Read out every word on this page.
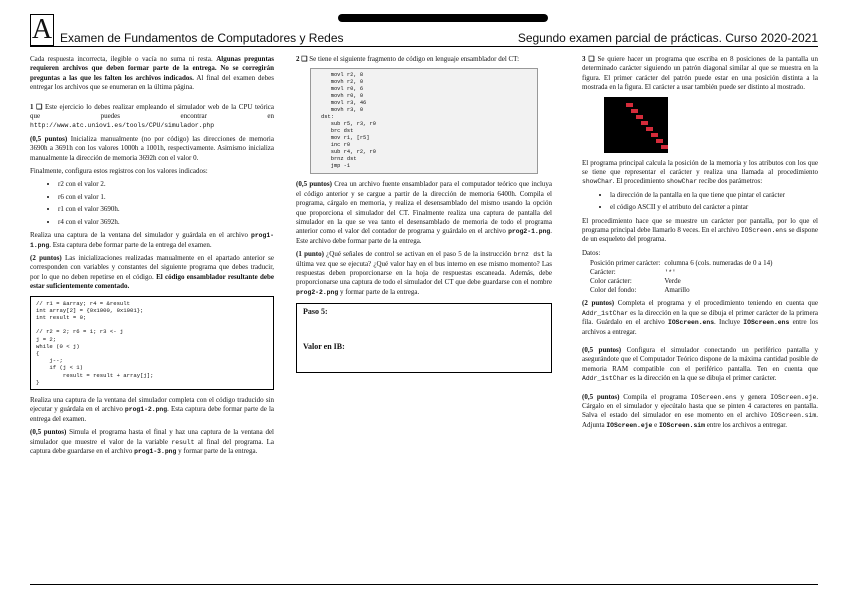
A Examen de Fundamentos de Computadores y Redes	Segundo examen parcial de prácticas. Curso 2020-2021

Cada respuesta incorrecta, ilegible o vacía no suma ni resta. Algunas preguntas requieren archivos que deben formar parte de la entrega. No se corregirán preguntas a las que les falten los archivos indicados. Al final del examen debes entregar los archivos que se enumeran en la última página.

1 ❑ Este ejercicio lo debes realizar empleando el simulador web de la CPU teórica que puedes encontrar en http://www.atc.uniovi.es/tools/CPU/simulador.php

(0,5 puntos) Inicializa manualmente (no por código) las direcciones de memoria 3690h a 3691h con los valores 1000h a 1001h, respectivamente. Asimismo inicializa manualmente la dirección de memoria 3692h con el valor 0.

Finalmente, configura estos registros con los valores indicados:

• r2 con el valor 2.
• r6 con el valor 1.
• r1 con el valor 3690h.
• r4 con el valor 3692h.

Realiza una captura de la ventana del simulador y guárdala en el archivo prog1-1.png. Esta captura debe formar parte de la entrega del examen.

(2 puntos) Las inicializaciones realizadas manualmente en el apartado anterior se corresponden con variables y constantes del siguiente programa que debes traducir, por lo que no deben repetirse en el código. El código ensamblador resultante debe estar suficientemente comentado.

// r1 = &array; r4 = &result
int array[2] = {0x1000, 0x1001};
int result = 0;

// r2 = 2; r6 = 1; r3 <- j
j = 2;
while (0 < j)
{
j--;
if (j < 1)
result = result + array[j];
}

Realiza una captura de la ventana del simulador completa con el código traducido sin ejecutar y guárdala en el archivo prog1-2.png. Esta captura debe formar parte de la entrega del examen.

(0,5 puntos) Simula el programa hasta el final y haz una captura de la ventana del simulador que muestre el valor de la variable result al final del programa. La captura debe guardarse en el archivo prog1-3.png y formar parte de la entrega.

2 ❑ Se tiene el siguiente fragmento de código en lenguaje ensamblador del CT:

movl r2, 8
movh r2, 0
movl r0, 6
movh r0, 0
movl r3, 46
movh r3, 0
dst:
sub r5, r3, r0
brc dst
mov r1, [r5]
inc r0
sub r4, r2, r0
brnz dst
jmp -1

(0,5 puntos) Crea un archivo fuente ensamblador para el computador teórico que incluya el código anterior y se cargue a partir de la dirección de memoria 6400h. Compila el programa, cárgalo en memoria, y realiza el desensamblado del mismo usando la opción que proporciona el simulador del CT. Finalmente realiza una captura de pantalla del simulador en la que se vea tanto el desensamblado de memoria de todo el programa anterior como el valor del contador de programa y guárdalo en el archivo prog2-1.png. Este archivo debe formar parte de la entrega.

(1 punto) ¿Qué señales de control se activan en el paso 5 de la instrucción brnz dst la última vez que se ejecuta? ¿Qué valor hay en el bus interno en ese mismo momento? Las respuestas deben proporcionarse en la hoja de respuestas escaneada. Además, debe proporcionarse una captura de todo el simulador del CT que debe guardarse con el nombre prog2-2.png y formar parte de la entrega.

Paso 5:
Valor en IB:

3 ❑ Se quiere hacer un programa que escriba en 8 posiciones de la pantalla un determinado carácter siguiendo un patrón diagonal similar al que se muestra en la figura. El primer carácter del patrón puede estar en una posición distinta a la mostrada en la figura. El carácter a usar también puede ser distinto al mostrado.

El programa principal calcula la posición de la memoria y los atributos con los que se tiene que representar el carácter y realiza una llamada al procedimiento showChar. El procedimiento showChar recibe dos parámetros:

• la dirección de la pantalla en la que tiene que pintar el carácter
• el código ASCII y el atributo del carácter a pintar

El procedimiento hace que se muestre un carácter por pantalla, por lo que el programa principal debe llamarlo 8 veces. En el archivo IOScreen.ens se dispone de un esqueleto del programa.

Datos:

Posición primer carácter:	columna 6 (cols. numeradas de 0 a 14)
Carácter:	'*'
Color carácter:	Verde
Color del fondo:	Amarillo

(2 puntos) Completa el programa y el procedimiento teniendo en cuenta que Addr_1stChar es la dirección en la que se dibuja el primer carácter de la primera fila. Guárdalo en el archivo IOScreen.ens. Incluye IOScreen.ens entre los archivos a entregar.

(0,5 puntos) Configura el simulador conectando un periférico pantalla y asegurándote que el Computador Teórico dispone de la máxima cantidad posible de memoria RAM compatible con el periférico pantalla. Ten en cuenta que Addr_1stChar es la dirección en la que se dibuja el primer carácter.

(0,5 puntos) Compila el programa IOScreen.ens y genera IOScreen.eje. Cárgalo en el simulador y ejecútalo hasta que se pinten 4 caracteres en pantalla. Salva el estado del simulador en ese momento en el archivo IOScreen.sim. Adjunta IOScreen.eje e IOScreen.sim entre los archivos a entregar.
